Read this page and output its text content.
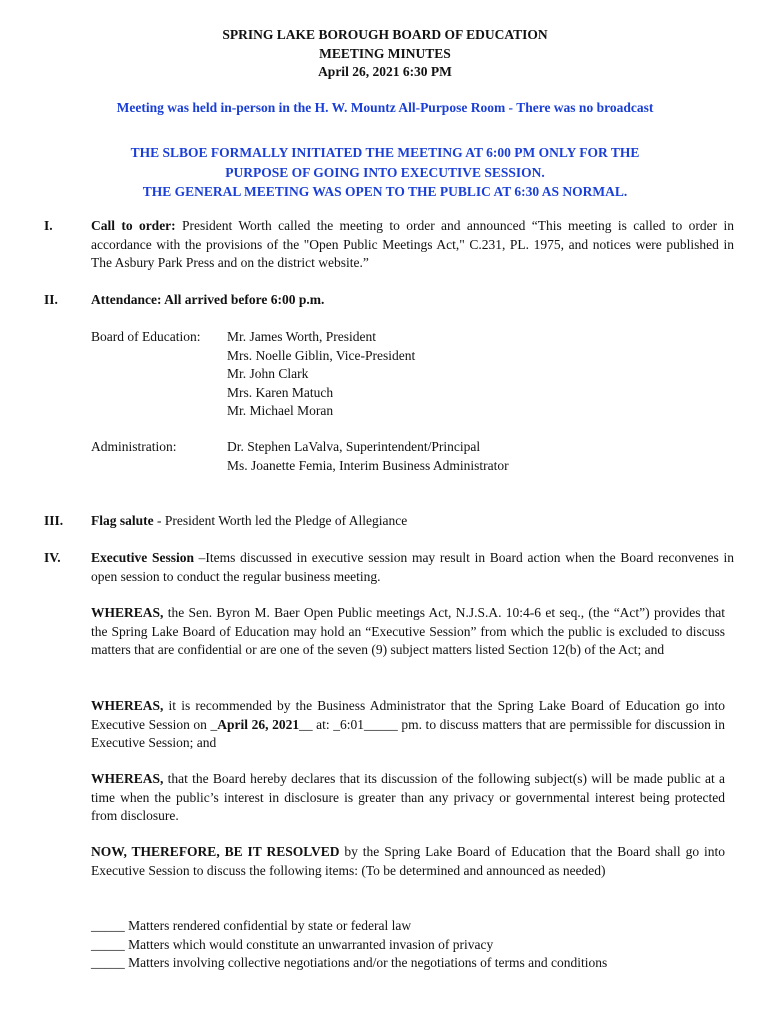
SPRING LAKE BOROUGH BOARD OF EDUCATION
MEETING MINUTES
April 26, 2021 6:30 PM
Meeting was held in-person in the H. W. Mountz All-Purpose Room - There was no broadcast
THE SLBOE FORMALLY INITIATED THE MEETING AT 6:00 PM ONLY FOR THE
PURPOSE OF GOING INTO EXECUTIVE SESSION.
THE GENERAL MEETING WAS OPEN TO THE PUBLIC AT 6:30 AS NORMAL.
I.	Call to order: President Worth called the meeting to order and announced “This meeting is called to order in accordance with the provisions of the "Open Public Meetings Act," C.231, PL. 1975, and notices were published in The Asbury Park Press and on the district website.”
II. Attendance: All arrived before 6:00 p.m.
Board of Education: Mr. James Worth, President
Mrs. Noelle Giblin, Vice-President
Mr. John Clark
Mrs. Karen Matuch
Mr. Michael Moran
Administration:	Dr. Stephen LaValva, Superintendent/Principal
Ms. Joanette Femia, Interim Business Administrator
III. Flag salute - President Worth led the Pledge of Allegiance
IV. Executive Session –Items discussed in executive session may result in Board action when the Board reconvenes in open session to conduct the regular business meeting.
WHEREAS, the Sen. Byron M. Baer Open Public meetings Act, N.J.S.A. 10:4-6 et seq., (the “Act”) provides that the Spring Lake Board of Education may hold an “Executive Session” from which the public is excluded to discuss matters that are confidential or are one of the seven (9) subject matters listed Section 12(b) of the Act; and
WHEREAS, it is recommended by the Business Administrator that the Spring Lake Board of Education go into Executive Session on _April 26, 2021__ at: _6:01_____ pm. to discuss matters that are permissible for discussion in Executive Session; and
WHEREAS, that the Board hereby declares that its discussion of the following subject(s) will be made public at a time when the public’s interest in disclosure is greater than any privacy or governmental interest being protected from disclosure.
NOW, THEREFORE, BE IT RESOLVED by the Spring Lake Board of Education that the Board shall go into Executive Session to discuss the following items: (To be determined and announced as needed)
_____ Matters rendered confidential by state or federal law
_____ Matters which would constitute an unwarranted invasion of privacy
_____ Matters involving collective negotiations and/or the negotiations of terms and conditions
